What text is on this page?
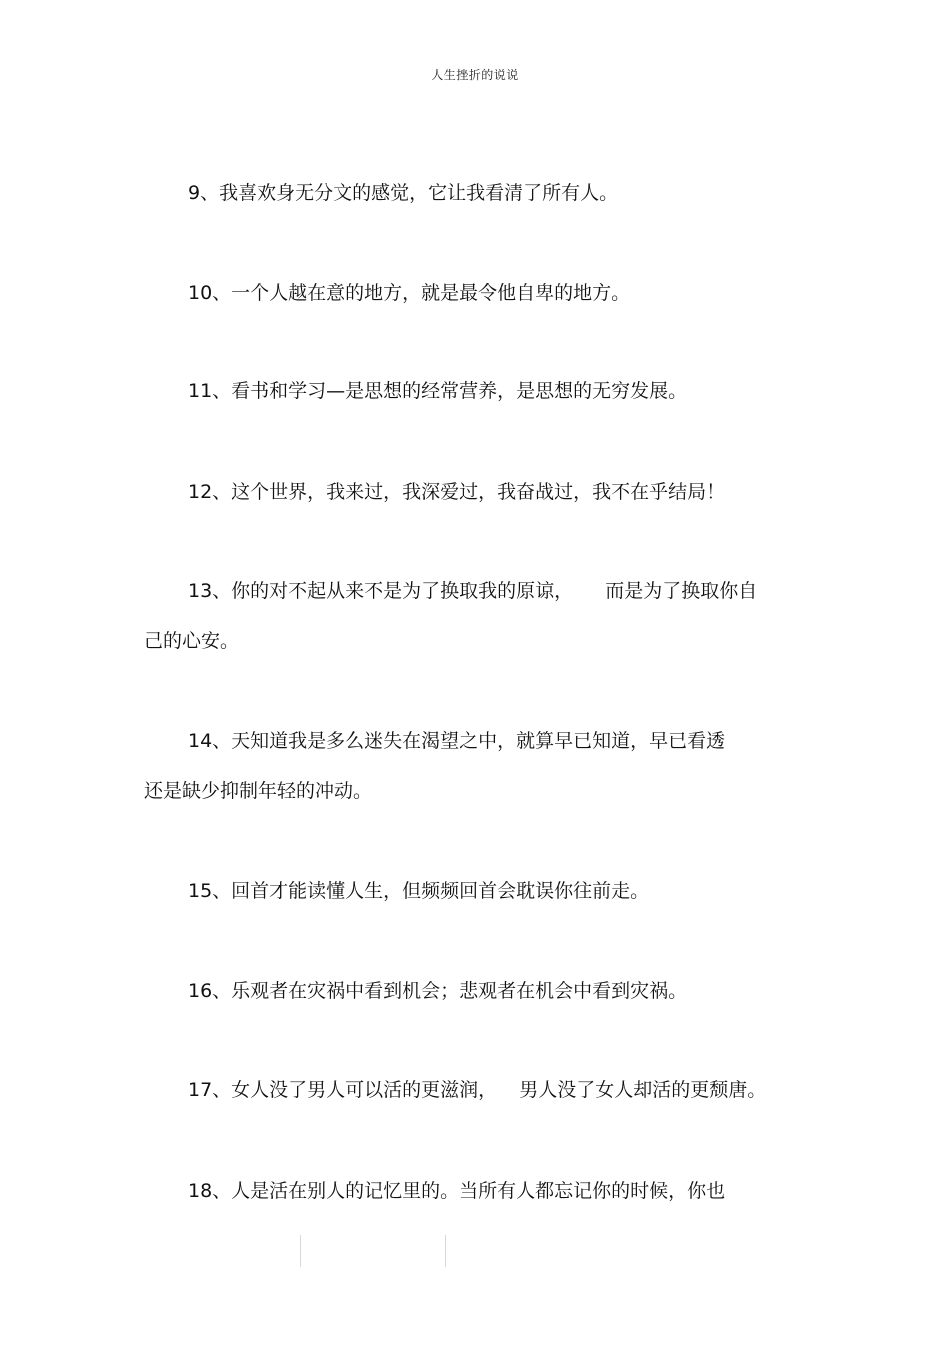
人生挫折的说说
9、我喜欢身无分文的感觉，它让我看清了所有人。
10、一个人越在意的地方，就是最令他自卑的地方。
11、看书和学习—是思想的经常营养，是思想的无穷发展。
12、这个世界，我来过，我深爱过，我奋战过，我不在乎结局！
13、你的对不起从来不是为了换取我的原谅， 而是为了换取你自
己的心安。
14、天知道我是多么迷失在渴望之中，就算早已知道，早已看透
还是缺少抑制年轻的冲动。
15、回首才能读懂人生，但频频回首会耽误你往前走。
16、乐观者在灾祸中看到机会；悲观者在机会中看到灾祸。
17、女人没了男人可以活的更滋润， 男人没了女人却活的更颓唐。
18、人是活在别人的记忆里的。当所有人都忘记你的时候，你也
